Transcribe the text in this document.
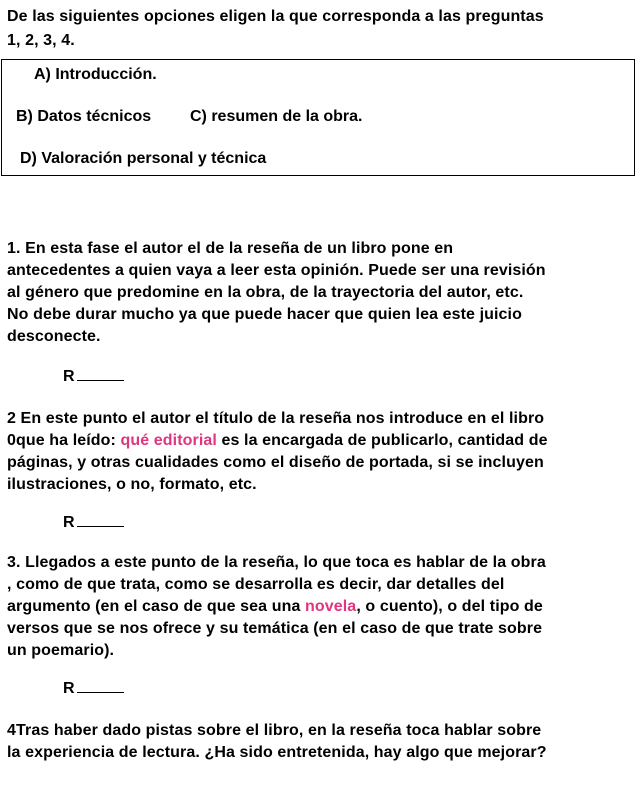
De las siguientes opciones eligen la que corresponda a las preguntas
1, 2, 3, 4.
A) Introducción.
B) Datos técnicos C) resumen de la obra.
D) Valoración personal y técnica
1. En esta fase el autor el de la reseña de un libro pone en
antecedentes a quien vaya a leer esta opinión. Puede ser una revisión
al género que predomine en la obra, de la trayectoria del autor, etc.
No debe durar mucho ya que puede hacer que quien lea este juicio
desconecte.
R
2 En este punto el autor el título de la reseña nos introduce en el libro
0que ha leído: qué editorial es la encargada de publicarlo, cantidad de
páginas, y otras cualidades como el diseño de portada, si se incluyen
ilustraciones, o no, formato, etc.
R
3. Llegados a este punto de la reseña, lo que toca es hablar de la obra
, como de que trata, como se desarrolla es decir, dar detalles del
argumento (en el caso de que sea una novela, o cuento), o del tipo de
versos que se nos ofrece y su temática (en el caso de que trate sobre
un poemario).
R
4Tras haber dado pistas sobre el libro, en la reseña toca hablar sobre
la experiencia de lectura. ¿Ha sido entretenida, hay algo que mejorar?
